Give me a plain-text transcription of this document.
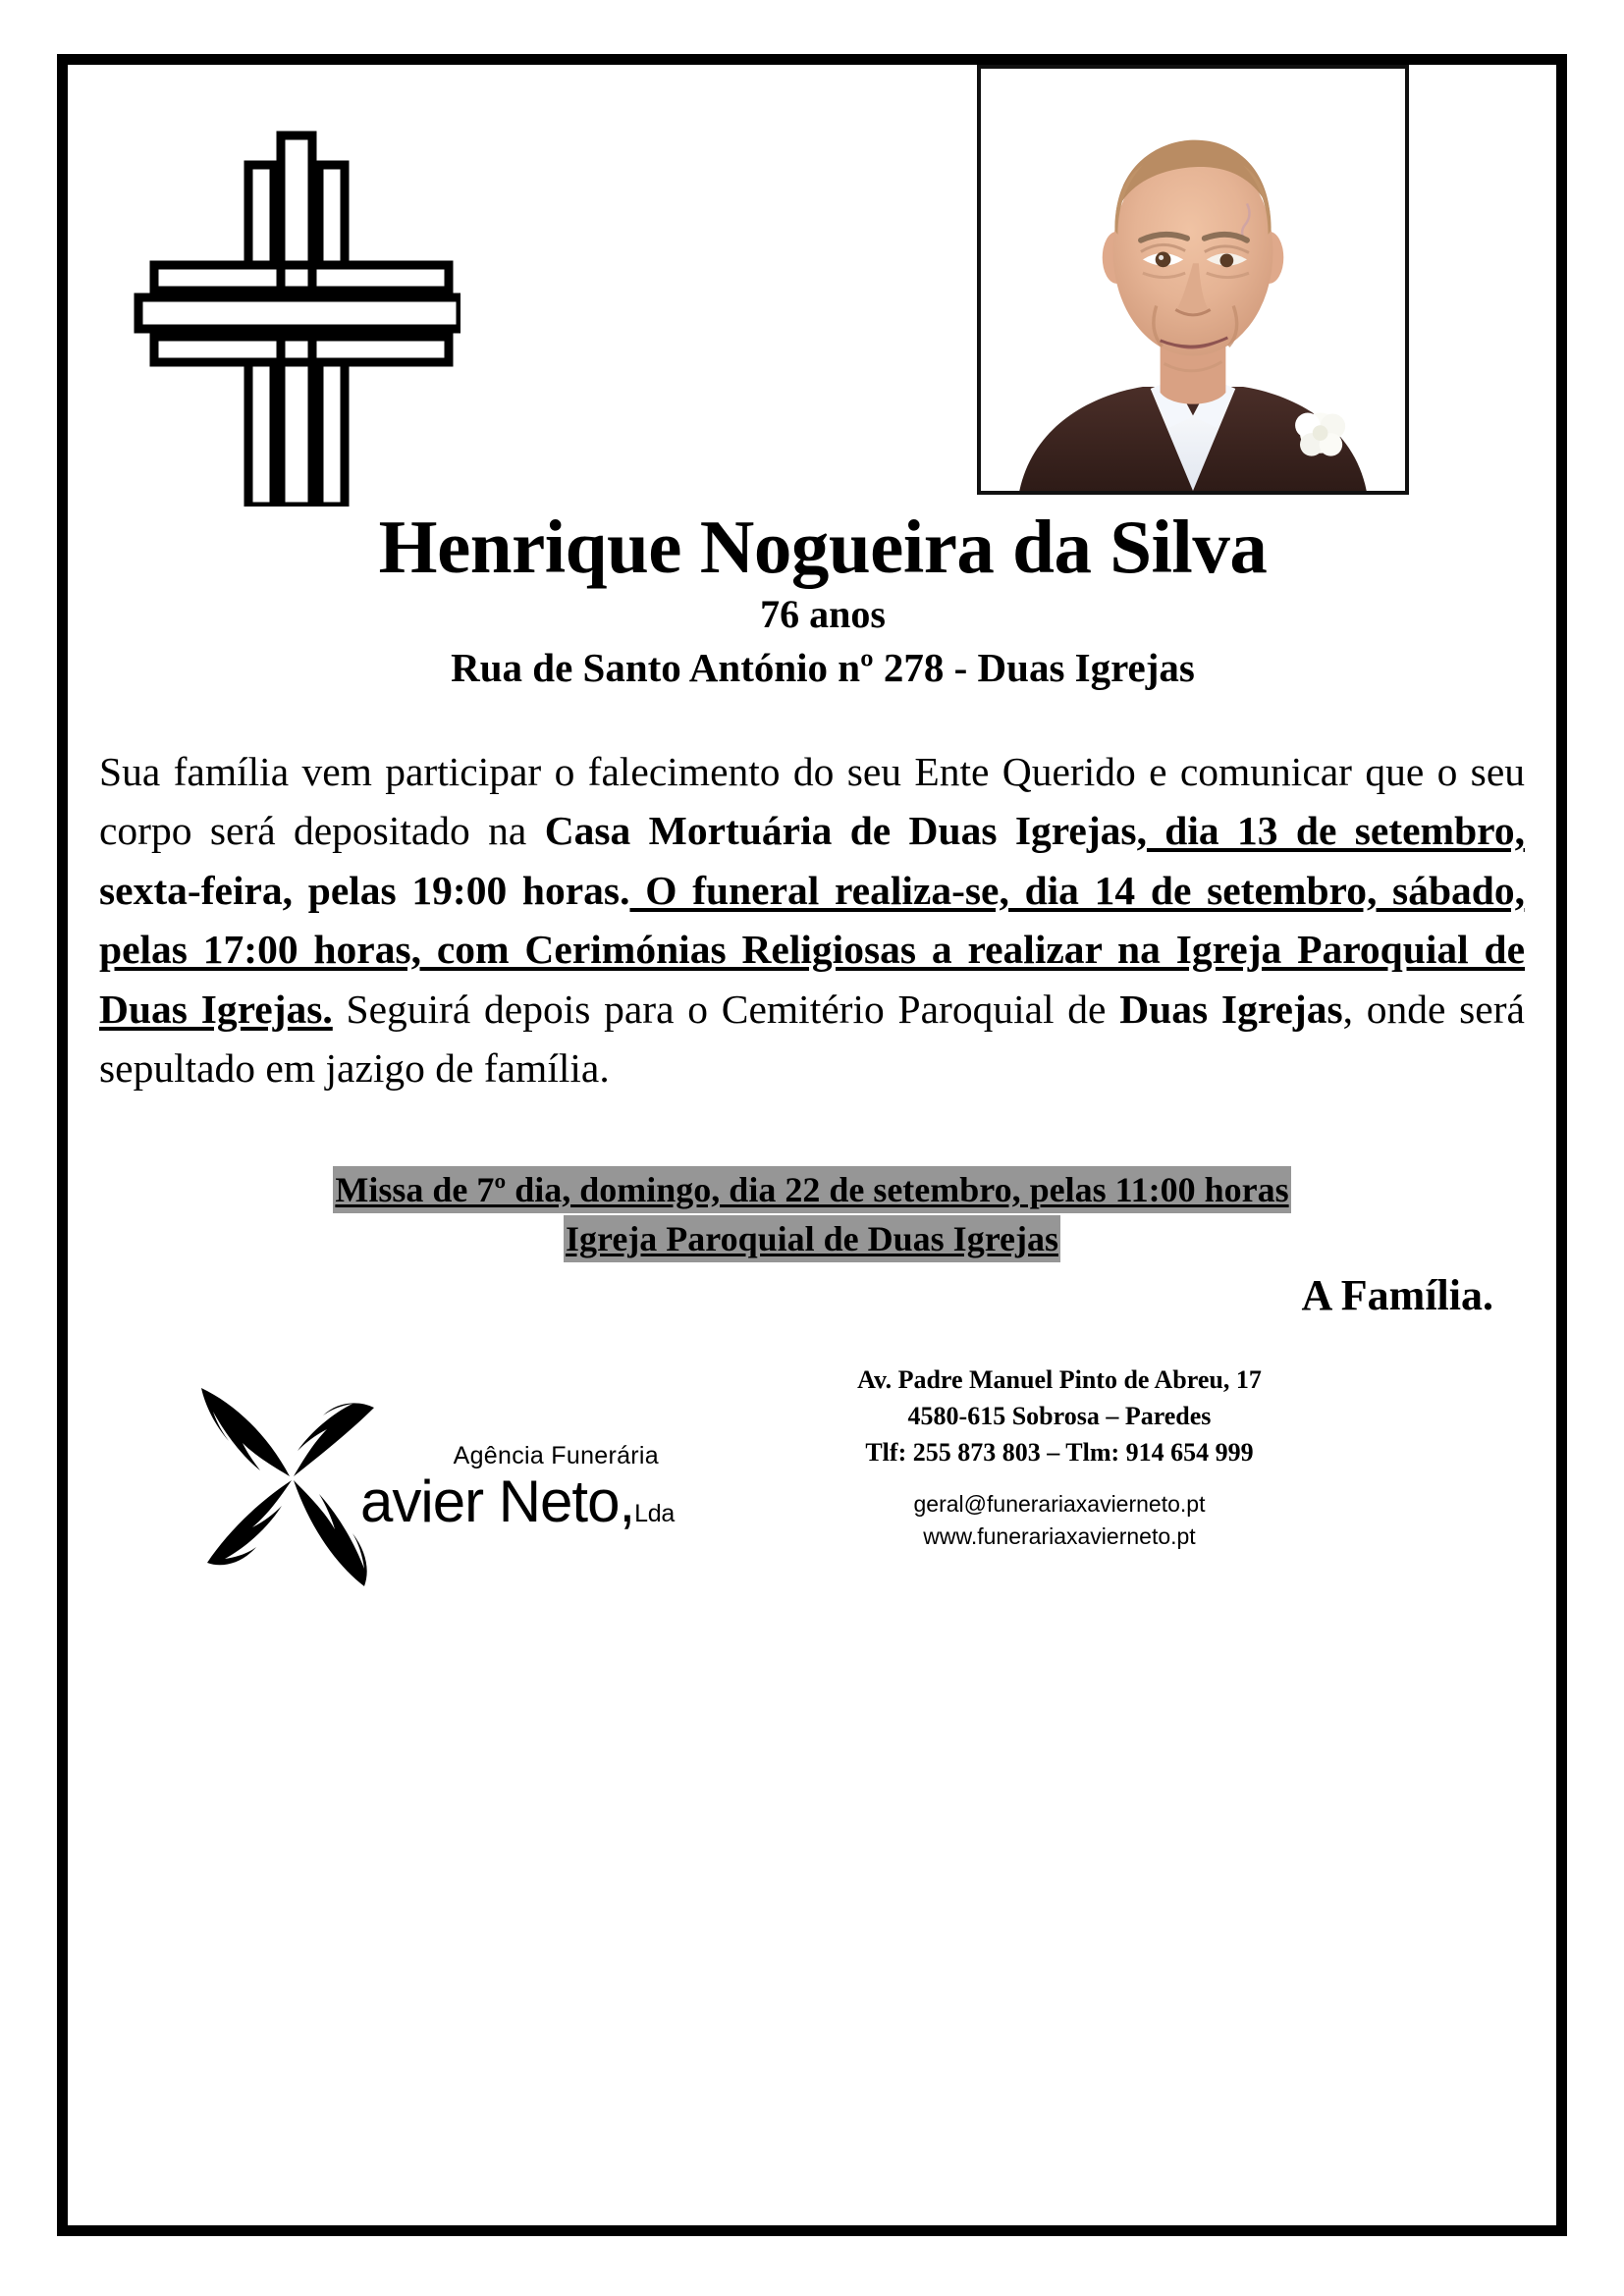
Henrique Nogueira da Silva
76 anos
Rua de Santo António nº 278 - Duas Igrejas

Sua família vem participar o falecimento do seu Ente Querido e comunicar que o seu corpo será depositado na Casa Mortuária de Duas Igrejas, dia 13 de setembro, sexta-feira, pelas 19:00 horas. O funeral realiza-se, dia 14 de setembro, sábado, pelas 17:00 horas, com Cerimónias Religiosas a realizar na Igreja Paroquial de Duas Igrejas. Seguirá depois para o Cemitério Paroquial de Duas Igrejas, onde será sepultado em jazigo de família.

Missa de 7º dia, domingo, dia 22 de setembro, pelas 11:00 horas
Igreja Paroquial de Duas Igrejas
A Família.
Agência Funerária
avier Neto,Lda
Av. Padre Manuel Pinto de Abreu, 17
4580-615 Sobrosa – Paredes
Tlf: 255 873 803 – Tlm: 914 654 999
geral@funerariaxavierneto.pt
www.funerariaxavierneto.pt
